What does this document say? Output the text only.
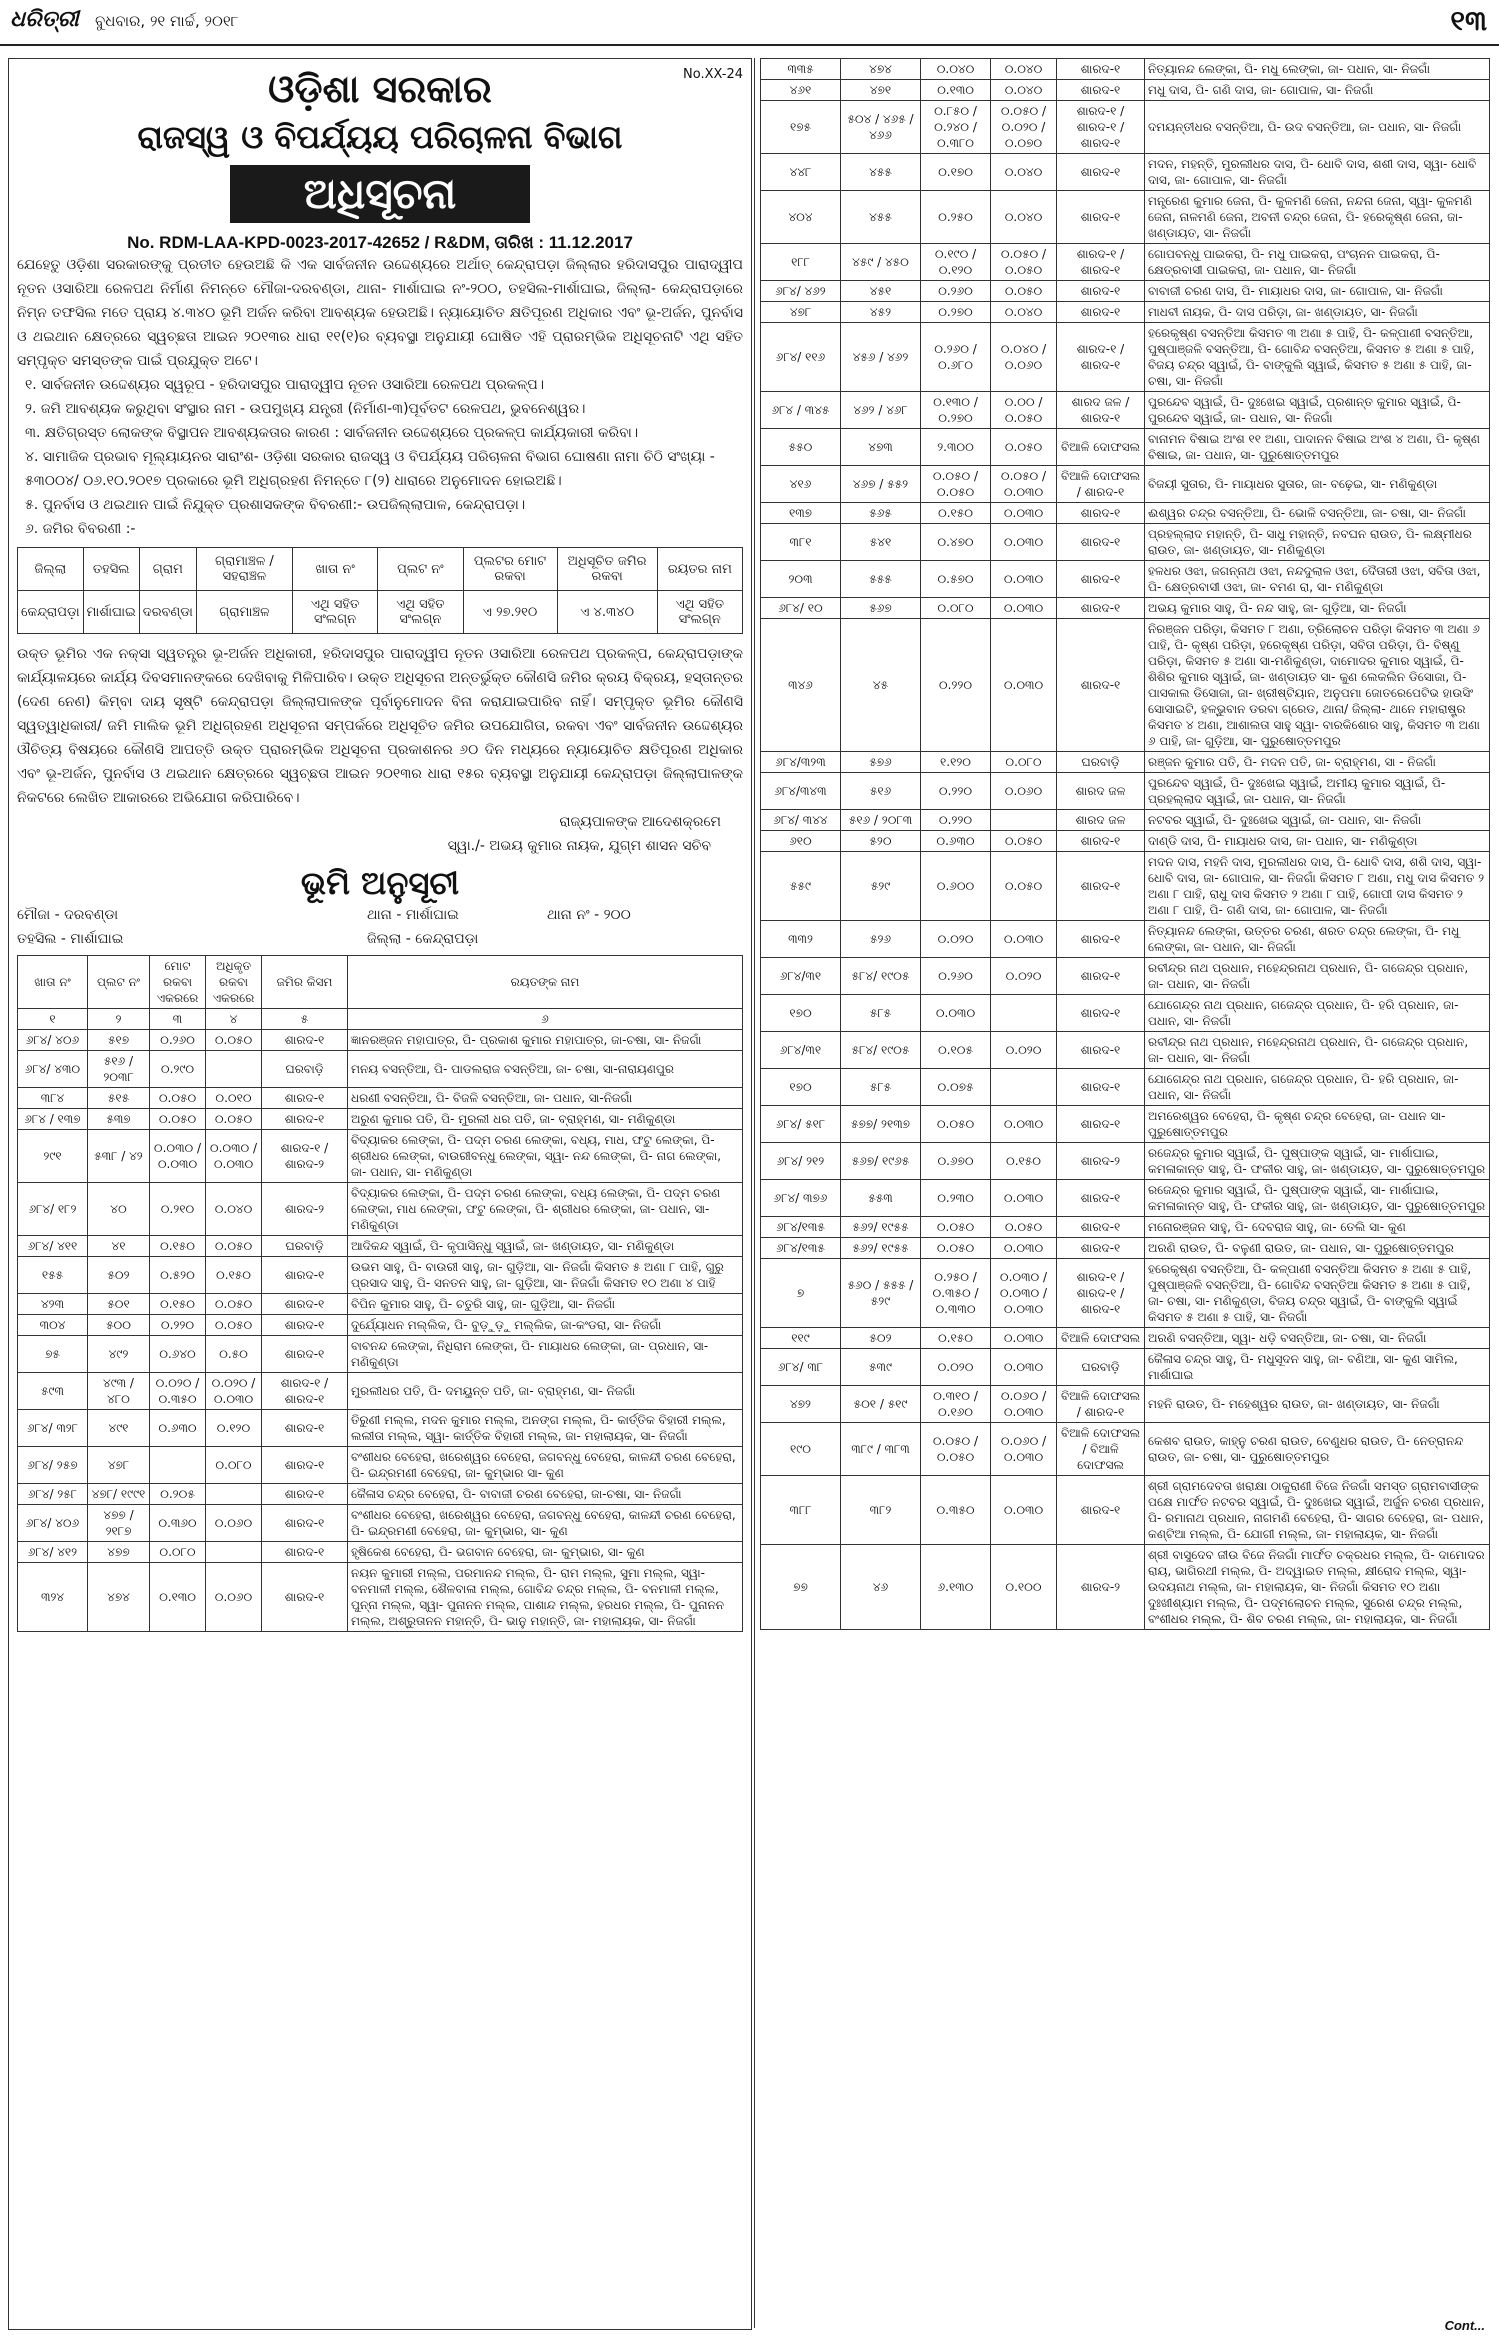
ଧରିତ୍ରୀ ବୁଧବାର, ୨୧ ମାର୍ଚ୍ଚ, ୨୦୧୮	୧୩
No.XX-24
ଓଡ଼ିଶା ସରକାର
ରାଜସ୍ୱ ଓ ବିପର୍ଯ୍ୟୟ ପରିଚାଳନା ବିଭାଗ
ଅଧିସୂଚନା
No. RDM-LAA-KPD-0023-2017-42652 / R&DM, ତାରିଖ : 11.12.2017
ଯେହେତୁ ଓଡ଼ିଶା ସରକାରଙ୍କୁ ପ୍ରତୀତ ହେଉଅଛି କି ଏକ ସାର୍ବଜନୀନ ଉଦ୍ଦେଶ୍ୟରେ ଅର୍ଥାତ୍ କେନ୍ଦ୍ରାପଡ଼ା ଜିଲ୍ଲାର ହରିଦାସପୁର ପାରାଦ୍ୱୀପ ନୂତନ ଓସାରିଆ ରେଳପଥ ନିର୍ମାଣ ନିମନ୍ତେ ମୌଜା-ଦରବଣ୍ଡା, ଥାନା- ମାର୍ଶାଘାଇ ନଂ-୨୦୦, ତହସିଲ-ମାର୍ଶାଘାଇ, ଜିଲ୍ଲା- କେନ୍ଦ୍ରାପଡ଼ାରେ ନିମ୍ନ ତଫସିଲ ମତେ ପ୍ରାୟ ୪.୩୪୦ ଭୂମି ଅର୍ଜନ କରିବା ଆବଶ୍ୟକ ହେଉଅଛି। ନ୍ୟାୟୋଚିତ କ୍ଷତିପୂରଣ ଅଧିକାର ଏବଂ ଭୂ-ଅର୍ଜନ, ପୁନର୍ବାସ ଓ ଥଇଥାନ କ୍ଷେତ୍ରରେ ସ୍ୱଚ୍ଛତା ଆଇନ ୨୦୧୩ର ଧାରା ୧୧(୧)ର ବ୍ୟବସ୍ଥା ଅନୁଯାୟୀ ଘୋଷିତ ଏହି ପ୍ରାରମ୍ଭିକ ଅଧିସୂଚନାଟି ଏଥି ସହିତ ସମ୍ପୃକ୍ତ ସମସ୍ତଙ୍କ ପାଇଁ ପ୍ରଯୁକ୍ତ ଅଟେ।
୧. ସାର୍ବଜନୀନ ଉଦ୍ଦେଶ୍ୟର ସ୍ୱରୂପ - ହରିଦାସପୁର ପାରାଦ୍ୱୀପ ନୂତନ ଓସାରିଆ ରେଳପଥ ପ୍ରକଳ୍ପ।
୨. ଜମି ଆବଶ୍ୟକ କରୁଥିବା ସଂସ୍ଥାର ନାମ - ଉପମୁଖ୍ୟ ଯନ୍ତ୍ରୀ (ନିର୍ମାଣ-୩)ପୂର୍ବତଟ ରେଳପଥ, ଭୁବନେଶ୍ୱର।
୩. କ୍ଷତିଗ୍ରସ୍ତ ଲୋକଙ୍କ ବିସ୍ଥାପନ ଆବଶ୍ୟକତାର କାରଣ : ସାର୍ବଜନୀନ ଉଦ୍ଦେଶ୍ୟରେ ପ୍ରକଳ୍ପ କାର୍ଯ୍ୟକାରୀ କରିବା।
୪. ସାମାଜିକ ପ୍ରଭାବ ମୂଲ୍ୟାୟନର ସାରାଂଶ- ଓଡ଼ିଶା ସରକାର ରାଜସ୍ୱ ଓ ବିପର୍ଯ୍ୟୟ ପରିଚାଳନା ବିଭାଗ ଘୋଷଣା ନାମା ଚିଠି ସଂଖ୍ୟା - ୫୩୦୦୪/ ୦୬.୧୦.୨୦୧୭ ପ୍ରକାରେ ଭୂମି ଅଧିଗ୍ରହଣ ନିମନ୍ତେ ୮(୨) ଧାରାରେ ଅନୁମୋଦନ ହୋଇଅଛି।
୫. ପୁନର୍ବାସ ଓ ଥଇଥାନ ପାଇଁ ନିଯୁକ୍ତ ପ୍ରଶାସକଙ୍କ ବିବରଣୀ:- ଉପଜିଲ୍ଲାପାଳ, କେନ୍ଦ୍ରାପଡ଼ା।
୬. ଜମିର ବିବରଣୀ :-
ଜିଲ୍ଲା	ତହସିଲ	ଗ୍ରାମ	ଗ୍ରାମାଞ୍ଚଳ / ସହରାଞ୍ଚଳ	ଖାତା ନଂ	ପ୍ଲଟ ନଂ	ପ୍ଲଟର ମୋଟ ରକବା	ଅଧିସୂଚିତ ଜମିର ରକବା	ରୟତର ନାମ
କେନ୍ଦ୍ରାପଡ଼ା	ମାର୍ଶାଘାଇ	ଦରବଣ୍ଡା	ଗ୍ରାମାଞ୍ଚଳ	ଏଥି ସହିତ ସଂଲଗ୍ନ	ଏଥି ସହିତ ସଂଲଗ୍ନ	ଏ ୨୭.୨୧୦	ଏ ୪.୩୪୦	ଏଥି ସହିତ ସଂଲଗ୍ନ
ଉକ୍ତ ଭୂମିର ଏକ ନକ୍ସା ସ୍ୱତନ୍ତ୍ର ଭୂ-ଅର୍ଜନ ଅଧିକାରୀ, ହରିଦାସପୁର ପାରାଦ୍ୱୀପ ନୂତନ ଓସାରିଆ ରେଳପଥ ପ୍ରକଳ୍ପ, କେନ୍ଦ୍ରାପଡ଼ାଙ୍କ କାର୍ଯ୍ୟାଳୟରେ କାର୍ଯ୍ୟ ଦିବସମାନଙ୍କରେ ଦେଖିବାକୁ ମିଳିପାରିବ। ଉକ୍ତ ଅଧିସୂଚନା ଅନ୍ତର୍ଭୁକ୍ତ କୌଣସି ଜମିର କ୍ରୟ ବିକ୍ରୟ, ହସ୍ତାନ୍ତର (ଦେଣ ନେଣ) କିମ୍ବା ଦାୟ ସୃଷ୍ଟି କେନ୍ଦ୍ରାପଡ଼ା ଜିଲ୍ଲାପାଳଙ୍କ ପୂର୍ବାନୁମୋଦନ ବିନା କରାଯାଇପାରିବ ନାହିଁ। ସମ୍ପୃକ୍ତ ଭୂମିର କୌଣସି ସ୍ୱତ୍ୱାଧିକାରୀ/ ଜମି ମାଲିକ ଭୂମି ଅଧିଗ୍ରହଣ ଅଧିସୂଚନା ସମ୍ପର୍କରେ ଅଧିସୂଚିତ ଜମିର ଉପଯୋଗିତା, ରକବା ଏବଂ ସାର୍ବଜନୀନ ଉଦ୍ଦେଶ୍ୟର ଔଚିତ୍ୟ ବିଷୟରେ କୌଣସି ଆପତ୍ତି ଉକ୍ତ ପ୍ରାରମ୍ଭିକ ଅଧିସୂଚନା ପ୍ରକାଶନର ୬୦ ଦିନ ମଧ୍ୟରେ ନ୍ୟାୟୋଚିତ କ୍ଷତିପୂରଣ ଅଧିକାର ଏବଂ ଭୂ-ଅର୍ଜନ, ପୁନର୍ବାସ ଓ ଥଇଥାନ କ୍ଷେତ୍ରରେ ସ୍ୱଚ୍ଛତା ଆଇନ ୨୦୧୩ର ଧାରା ୧୫ର ବ୍ୟବସ୍ଥା ଅନୁଯାୟୀ କେନ୍ଦ୍ରାପଡ଼ା ଜିଲ୍ଲାପାଳଙ୍କ ନିକଟରେ ଲେଖିତ ଆକାରରେ ଅଭିଯୋଗ କରିପାରିବେ।
ରାଜ୍ୟପାଳଙ୍କ ଆଦେଶକ୍ରମେ
ସ୍ୱା./- ଅଭୟ କୁମାର ନାୟକ, ଯୁଗ୍ମ ଶାସନ ସଚିବ
ଭୂମି ଅନୁସୂଚୀ
ମୌଜା - ଦରବଣ୍ଡା	ଥାନା - ମାର୍ଶାଘାଇ	ଥାନା ନଂ - ୨୦୦
ତହସିଲ - ମାର୍ଶାଘାଇ	ଜିଲ୍ଲା - କେନ୍ଦ୍ରାପଡ଼ା
ଖାତା ନଂ	ପ୍ଲଟ ନଂ	ମୋଟ ରକବା ଏକରରେ	ଅଧିକୃତ ରକବା ଏକରରେ	ଜମିର କିସମ	ରୟତଙ୍କ ନାମ
୧	୨	୩	୪	୫	୬
୬୮୪/ ୪୦୬	୫୧୭	୦.୨୬୦	୦.୦୫୦	ଶାରଦ-୧	ଜ୍ଞାନରଞ୍ଜନ ମହାପାତ୍ର, ପି- ପ୍ରକାଶ କୁମାର ମହାପାତ୍ର, ଜା-ଚଷା, ସା- ନିଜଗାଁ
୬୮୪/ ୪୩୦	୫୧୬ / ୨୦୩୮	୦.୨୯୦		ଘରବାଡ଼ି	ମନୟ ବସନ୍ତିଆ, ପି- ପାଡଲରାଜ ବସନ୍ତିଆ, ଜା- ଚଷା, ସା-ନାରାୟଣପୁର
୩୮୪	୫୧୫	୦.୦୫୦	୦.୦୧୦	ଶାରଦ-୧	ଧରଣୀ ବସନ୍ତିଆ, ପି- ବିଜଳି ବସନ୍ତିଆ, ଜା- ପଧାନ, ସା-ନିଜଗାଁ
୬୮୪ / ୧୩୭	୫୩୭	୦.୦୫୦	୦.୦୫୦	ଶାରଦ-୧	ଅରୁଣ କୁମାର ପତି, ପି- ମୁରଲୀ ଧର ପତି, ଜା- ବ୍ରାହ୍ମଣ, ସା- ମଣିକୁଣ୍ଡା
୨୯୧	୫୩୮ / ୪୨	୦.୦୩୦ / ୦.୦୩୦	୦.୦୩୦ / ୦.୦୩୦	ଶାରଦ-୧ / ଶାରଦ-୨	ବିଦ୍ୟାକର ଲେଙ୍କା, ପି- ପଦ୍ମ ଚରଣ ଲେଙ୍କା, ବଧ୍ୟ, ମାଧ, ଫଟୁ ଲେଙ୍କା, ପି- ଶ୍ରୀଧର ଲେଙ୍କା, ବାଉରୀବନ୍ଧୁ ଲେଙ୍କା, ସ୍ୱା- ନନ୍ଦ ଲେଙ୍କା, ପି- ନାଗ ଲେଙ୍କା, ଜା- ପଧାନ, ସା- ମଣିକୁଣ୍ଡା
୬୮୪/ ୧୮୨	୪୦	୦.୨୧୦	୦.୦୪୦	ଶାରଦ-୨	ବିଦ୍ୟାକର ଲେଙ୍କା, ପି- ପଦ୍ମ ଚରଣ ଲେଙ୍କା, ବଧ୍ୟ ଲେଙ୍କା, ପି- ପଦ୍ମ ଚରଣ ଲେଙ୍କା, ମାଧ ଲେଙ୍କା, ଫଟୁ ଲେଙ୍କା, ପି- ଶ୍ରୀଧର ଲେଙ୍କା, ଜା- ପଧାନ, ସା- ମଣିକୁଣ୍ଡା
୬୮୪/ ୪୧୧	୪୧	୦.୧୫୦	୦.୦୫୦	ଘରବାଡ଼ି	ଆଦିକନ୍ଦ ସ୍ୱାଇଁ, ପି- କୃପାସିନ୍ଧୁ ସ୍ୱାଇଁ, ଜା- ଖଣ୍ଡାୟତ, ସା- ମଣିକୁଣ୍ଡା
୧୫୫	୫୦୨	୦.୫୨୦	୦.୧୫୦	ଶାରଦ-୧	ଉଭମ ସାହୁ, ପି- ବାଉରୀ ସାହୁ, ଜା- ଗୁଡ଼ିଆ, ସା- ନିଜଗାଁ କିସମତ ୫ ଅଣା ୮ ପାହି, ଗୁରୁ ପ୍ରସାଦ ସାହୁ, ପି- ସନତନ ସାହୁ, ଜା- ଗୁଡ଼ିଆ, ସା- ନିଜଗାଁ କିସମତ ୧୦ ଅଣା ୪ ପାହି
୪୨୩	୫୦୧	୦.୧୫୦	୦.୦୫୦	ଶାରଦ-୧	ବିପିନ କୁମାର ସାହୁ, ପି- ଚତୁରି ସାହୁ, ଜା- ଗୁଡ଼ିଆ, ସା- ନିଜଗାଁ
୩୦୪	୫୦୦	୦.୨୨୦	୦.୦୫୦	ଶାରଦ-୧	ଦୁର୍ଯ୍ୟୋଧନ ମଲ୍ଲିକ, ପି- ବୁଡ଼ୁଡ଼ୁ ମଲ୍ଲିକ, ଜା-କଂଡରା, ସା- ନିଜଗାଁ
୭୫	୪୯୨	୦.୬୪୦	୦.୫୦	ଶାରଦ-୧	ବାବନନ୍ଦ ଲେଙ୍କା, ନିଧିରାମ ଲେଙ୍କା, ପି- ମାୟାଧର ଲେଙ୍କା, ଜା- ପ୍ରଧାନ, ସା-ମଣିକୁଣ୍ଡା
୫୯୩	୪୯୩ / ୪୮୦	୦.୦୨୦ / ୦.୩୫୦	୦.୦୨୦ / ୦.୦୩୦	ଶାରଦ-୧ / ଶାରଦ-୧	ମୁରଲୀଧର ପତି, ପି- ଦମୟୁନ୍ତ ପତି, ଜା- ବ୍ରାହ୍ମଣ, ସା- ନିଜଗାଁ
୬୮୪/ ୩୨୮	୪୯୧	୦.୬୩୦	୦.୧୨୦	ଶାରଦ-୧	ତିରୁଣୀ ମଲ୍ଲ, ମଦନ କୁମାର ମଲ୍ଲ, ଅନଙ୍ଗ ମଲ୍ଲ, ପି- କାର୍ତ୍ତିକ ବିହାରୀ ମଲ୍ଲ, ଲଲୀତା ମଲ୍ଲ, ସ୍ୱା- କାର୍ତ୍ତିକ ବିହାରୀ ମଲ୍ଲ, ଜା- ମହାଲାୟକ, ସା- ନିଜଗାଁ
୬୮୪/ ୨୫୭	୪୭୮		୦.୦୮୦	ଶାରଦ-୧	ବଂଶୀଧର ବେହେରା, ଖରେଶ୍ୱର ବେହେରା, ଜଗବନ୍ଧୁ ବେହେରା, କାଳନ୍ଦୀ ଚରଣ ବେହେରା, ପି- ଇନ୍ଦ୍ରମଣୀ ବେହେରା, ଜା- କୁମ୍ଭାର ସା- କୁଣ
୬୮୪/ ୨୫୮	୪୭୮/ ୧୯୯୧	୦.୨୦୫		ଶାରଦ-୧	କୈଳାସ ଚନ୍ଦ୍ର ବେହେରା, ପି- ବାବାଜୀ ଚରଣ ବେହେରା, ଜା-ଚଷା, ସା- ନିଜଗାଁ
୬୮୪/ ୪୦୬	୪୭୭ / ୨୧୮୭	୦.୩୬୦	୦.୦୬୦	ଶାରଦ-୧	ବଂଶୀଧର ବେହେରା, ଖରେଶ୍ୱର ବେହେରା, ଜଗବନ୍ଧୁ ବେହେରା, କାଳନ୍ଦୀ ଚରଣ ବେହେରା, ପି- ଇନ୍ଦ୍ରମଣୀ ବେହେରା, ଜା- କୁମ୍ଭାର, ସା- କୁଣ
୬୮୪/ ୪୧୨	୪୭୭	୦.୦୮୦		ଶାରଦ-୧	ହୃଷିକେଶ ବେହେରା, ପି- ଭଗବାନ ବେହେରା, ଜା- କୁମ୍ଭାର, ସା- କୁଣ
୩୨୪	୪୭୪	୦.୧୩୦	୦.୦୬୦	ଶାରଦ-୧	ନୟନ କୁମାରୀ ମଲ୍ଲ, ପରମାନନ୍ଦ ମଲ୍ଲ, ପି- ରାମ ମଲ୍ଲ, ସୁମା ମଲ୍ଲ, ସ୍ୱା- ବନମାଳୀ ମଲ୍ଲ, ଶୈଳବାଳା ମଲ୍ଲ, ଗୋବିନ୍ଦ ଚନ୍ଦ୍ର ମଲ୍ଲ, ପି- ବନମାଳୀ ମଲ୍ଲ, ପୁନ୍ନା ମଲ୍ଲ, ସ୍ୱା- ପୁନାନନ ମଲ୍ଲ, ପାଶାନ୍ଦ ମଲ୍ଲ, ହରଧର ମଲ୍ଲ, ପି- ପୁନାନନ ମଲ୍ଲ, ଅଶ୍ରୁତାନନ ମହାନ୍ତି, ପି- ଭାନୁ ମହାନ୍ତି, ଜା- ମହାଲାୟକ, ସା- ନିଜଗାଁ
୩୩୫	୪୭୪	୦.୦୪୦	୦.୦୪୦	ଶାରଦ-୧	ନିତ୍ୟାନନ୍ଦ ଲେଙ୍କା, ପି- ମଧୁ ଲେଙ୍କା, ଜା- ପଧାନ, ସା- ନିଜଗାଁ
୪୬୧	୪୭୧	୦.୧୩୦	୦.୦୪୦	ଶାରଦ-୧	ମଧୁ ଦାସ, ପି- ଗଣି ଦାସ, ଜା- ଗୋପାଳ, ସା- ନିଜଗାଁ
୧୭୫	୫୦୪ / ୪୬୫ / ୪୬୬	୦.୮୫୦ / ୦.୨୪୦ / ୦.୩୮୦	୦.୦୫୦ / ୦.୦୨୦ / ୦.୦୭୦	ଶାରଦ-୧ / ଶାରଦ-୧ / ଶାରଦ-୧	ଦମୟନ୍ତୀଧର ବସନ୍ତିଆ, ପି- ଉଦ ବସନ୍ତିଆ, ଜା- ପଧାନ, ସା- ନିଜଗାଁ
୪୪୮	୪୫୫	୦.୧୭୦	୦.୦୪୦	ଶାରଦ-୧	ମଦନ, ମହନ୍ତି, ମୁରଲୀଧର ଦାସ, ପି- ଧୋବି ଦାସ, ଶଶୀ ଦାସ, ସ୍ୱା- ଧୋବି ଦାସ, ଜା- ଗୋପାଳ, ସା- ନିଜଗାଁ
୪୦୪	୪୫୫	୦.୨୫୦	୦.୦୪୦	ଶାରଦ-୧	ମନ୍ତ୍ରେଣ କୁମାର ଜେନା, ପି- କୁଳମଣି ଜେନା, ନନ୍ଦନା ଜେନା, ସ୍ୱା- କୁଳମଣି ଜେନା, ନାଳମଣି ଜେନା, ଅବନୀ ଚନ୍ଦ୍ର ଜେନା, ପି- ହରେକୃଷ୍ଣ ଜେନା, ଜା- ଖଣ୍ଡାୟତ, ସା- ନିଜଗାଁ
୧୮୮	୪୫୯ / ୪୫୦	୦.୧୯୦ / ୦.୧୨୦	୦.୦୫୦ / ୦.୦୫୦	ଶାରଦ-୧ / ଶାରଦ-୧	ଗୋପବନ୍ଧୁ ପାଇକରା, ପି- ମଧୁ ପାଇକରା, ପଂଚାନନ ପାଇକରା, ପି- କ୍ଷେତ୍ରବାସୀ ପାଇକରା, ଜା- ପଧାନ, ସା- ନିଜଗାଁ
୬୮୪/ ୪୬୨	୪୫୧	୦.୨୬୦	୦.୦୫୦	ଶାରଦ-୧	ବାବାଜୀ ଚରଣ ଦାସ, ପି- ମାୟାଧର ଦାସ, ଜା- ଗୋପାଳ, ସା- ନିଜଗାଁ
୪୭୮	୪୫୨	୦.୨୭୦	୦.୦୪୦	ଶାରଦ-୧	ମାଧବୀ ନାୟକ, ପି- ଦାସ ପରିଡ଼ା, ଜା- ଖଣ୍ଡାୟତ, ସା- ନିଜଗାଁ
୬୮୪/ ୧୧୬	୪୫୬ / ୪୬୨	୦.୨୬୦ / ୦.୬୮୦	୦.୦୪୦ / ୦.୦୬୦	ଶାରଦ-୧ / ଶାରଦ-୧	ହରେକୃଷ୍ଣ ବସନ୍ତିଆ କିସମତ ୩ ଅଣା ୫ ପାହି, ପି- କଳ୍ପାଣୀ ବସନ୍ତିଆ, ପୁଷ୍ପାଞ୍ଜଳି ବସନ୍ତିଆ, ପି- ଗୋବିନ୍ଦ ବସନ୍ତିଆ, କିସମତ ୫ ଅଣା ୫ ପାହି, ବିଜୟ ଚନ୍ଦ୍ର ସ୍ୱାଇଁ, ପି- ବାଙ୍କୁଲି ସ୍ୱାଇଁ, କିସମତ ୫ ଅଣା ୫ ପାହି, ଜା- ଚଷା, ସା- ନିଜଗାଁ
୬୮୪ / ୩୪୫	୪୬୨ / ୪୬୮	୦.୧୩୦ / ୦.୨୭୦	୦.୦୦ / ୦.୦୫୦	ଶାରଦ ଜଳ / ଶାରଦ-୧	ପୁରନ୍ଦେବ ସ୍ୱାଇଁ, ପି- ଦୁଃଖେଇ ସ୍ୱାଇଁ, ପ୍ରଶାନ୍ତ କୁମାର ସ୍ୱାଇଁ, ପି- ପୁରନ୍ଦେବ ସ୍ୱାଇଁ, ଜା- ପଧାନ, ସା- ନିଜଗାଁ
୫୫୦	୪୭୩	୨.୩୦୦	୦.୦୫୦	ବିଆଳି ଦୋଫସଲ	ବାନାମନ ବିଷାଇ ଅଂଶ ୧୧ ଅଣା, ପାଦାନନ ବିଷାଇ ଅଂଶ ୪ ଅଣା, ପି- କୃଷ୍ଣ ବିଷାଇ, ଜା- ପଧାନ, ସା- ପୁରୁଷୋତ୍ତମପୁର
୪୧୬	୪୬୭ / ୫୫୨	୦.୦୫୦ / ୦.୦୫୦	୦.୦୫୦ / ୦.୦୩୦	ବିଆଳି ଦୋଫସଲ / ଶାରଦ-୧	ବିଜୟୀ ସୁତାର, ପି- ମାୟାଧର ସୁତାର, ଜା- ବଢ଼େଇ, ସା- ମଣିକୁଣ୍ଡା
୧୩୭	୫୬୫	୦.୧୫୦	୦.୦୩୦	ଶାରଦ-୧	ଈଶ୍ୱର ଚନ୍ଦ୍ର ବସନ୍ତିଆ, ପି- ଭୋଳି ବସନ୍ତିଆ, ଜା- ଚଷା, ସା- ନିଜଗାଁ
୩୮୧	୫୪୧	୦.୪୭୦	୦.୦୩୦	ଶାରଦ-୧	ପ୍ରହଲ୍ଲାଦ ମହାନ୍ତି, ପି- ସାଧୁ ମହାନ୍ତି, ନବଘନ ରାଉତ, ପି- ଲକ୍ଷ୍ମୀଧର ରାଉତ, ଜା- ଖଣ୍ଡାୟତ, ସା- ମଣିକୁଣ୍ଡା
୨୦୩	୫୫୫	୦.୫୭୦	୦.୦୩୦	ଶାରଦ-୧	ହଳଧର ଓଝା, ଜଗନ୍ନାଥ ଓଝା, ନନ୍ଦଦୁଲାଳ ଓଝା, ଦୈତାରୀ ଓଝା, ସବିତା ଓଝା, ପି- କ୍ଷେତ୍ରବାସୀ ଓଝା, ଜା- ବମଣ ରା, ସା- ମଣିକୁଣ୍ଡା
୬୮୪/ ୧୦	୫୬୭	୦.୦୮୦	୦.୦୩୦	ଶାରଦ-୧	ଅଭୟ କୁମାର ସାହୁ, ପି- ନନ୍ଦ ସାହୁ, ଜା- ଗୁଡ଼ିଆ, ସା- ନିଜଗାଁ
୩୪୬	୪୫	୦.୨୨୦	୦.୦୩୦	ଶାରଦ-୧	ନିରଞ୍ଜନ ପରିଡ଼ା, କିସମତ ୮ ଅଣା, ତ୍ରିଲୋଚନ ପରିଡ଼ା କିସମତ ୩ ଅଣା ୬ ପାହି, ପି- କୃଷ୍ଣ ପରିଡ଼ା, ହରେକୃଷ୍ଣ ପରିଡ଼ା, ସବିତା ପରିଡ଼ା, ପି- ବିଷ୍ଣୁ ପରିଡ଼ା, କିସମତ ୫ ଅଣା ସା-ମଣିକୁଣ୍ଡା, ଦାମୋଦର କୁମାର ସ୍ୱାଇଁ, ପି- ଶିଶିର କୁମାର ସ୍ୱାଇଁ, ଜା- ଖଣ୍ଡାୟତ ସା- କୁଣ ଲେକଲିନ ଡିସୋଜା, ପି- ପାସକାଲ ଡିସୋଜା, ଜା- ଖ୍ରୀଷ୍ଟିୟାନ, ଅନୁପମା ଜୋତରେପେଟିଭ ହାଉସିଂ ସୋସାଇଟି, ହଳ୍ଭୁବାନ ଡରବା ଗ୍ରେଡ, ଥାନା/ ଜିଲ୍ଲା- ଥାନେ ମହାରାଷ୍ଟ୍ର କିସମତ ୪ ଅଣା, ଆଶାଲତା ସାହୁ ସ୍ୱା- ବାରକିଶୋର ସାହୁ, କିସମତ ୩ ଅଣା ୬ ପାହି, ଜା- ଗୁଡ଼ିଆ, ସା- ପୁରୁଷୋତ୍ତମପୁର
୬୮୪/୩୨୩	୫୭୬	୧.୧୨୦	୦.୦୮୦	ଘରବାଡ଼ି	ରଞ୍ଜନ କୁମାର ପତି, ପି- ମଦନ ପତି, ଜା- ବ୍ରାହ୍ମଣ, ସା - ନିଜଗାଁ
୬୮୪/୩୪୩	୫୧୬	୦.୨୨୦	୦.୦୬୦	ଶାରଦ ଜଳ	ପୁରନ୍ଦେବ ସ୍ୱାଇଁ, ପି- ଦୁଃଖେଇ ସ୍ୱାଇଁ, ଅମୀୟ କୁମାର ସ୍ୱାଇଁ, ପି- ପ୍ରହଲ୍ଲାଦ ସ୍ୱାଇଁ, ଜା- ପଧାନ, ସା- ନିଜଗାଁ
୬୮୪/ ୩୪୪	୫୧୬ / ୨୦୮୩	୦.୨୨୦		ଶାରଦ ଜଳ	ନଟବର ସ୍ୱାଇଁ, ପି- ଦୁଃଖେଇ ସ୍ୱାଇଁ, ଜା- ପଧାନ, ସା- ନିଜଗାଁ
୬୧୦	୫୨୦	୦.୬୩୦	୦.୦୫୦	ଶାରଦ-୧	ଦାଣ୍ଡି ଦାସ, ପି- ମାୟାଧର ଦାସ, ଜା- ପଧାନ, ସା- ମଣିକୁଣ୍ଡା
୫୫୯	୫୨୯	୦.୬୦୦	୦.୦୫୦	ଶାରଦ-୧	ମଦନ ଦାସ, ମହନି ଦାସ, ମୁରଲୀଧର ଦାସ, ପି- ଧୋବି ଦାସ, ଶଶି ଦାସ, ସ୍ୱା- ଧୋବି ଦାସ, ଜା- ଗୋପାଳ, ସା- ନିଜଗାଁ କିସମତ ୮ ଅଣା, ମଧୁ ଦାସ କିସମତ ୨ ଅଣା ୮ ପାହି, ରାଧୁ ଦାସ କିସମତ ୨ ଅଣା ୮ ପାହି, ଗୋପୀ ଦାସ କିସମତ ୨ ଅଣା ୮ ପାହି, ପି- ଗଣି ଦାସ, ଜା- ଗୋପାଳ, ସା- ନିଜଗାଁ
୩୩୨	୫୨୬	୦.୦୨୦	୦.୦୩୦	ଶାରଦ-୧	ନିତ୍ୟାନନ୍ଦ ଲେଙ୍କା, ଉତ୍ତର ଚରଣ, ଶରତ ଚନ୍ଦ୍ର ଲେଙ୍କା, ପି- ମଧୁ ଲେଙ୍କା, ଜା- ପଧାନ, ସା- ନିଜଗାଁ
୬୮୪/୩୧	୫୮୪/ ୧୯୦୫	୦.୨୬୦	୦.୦୨୦	ଶାରଦ-୧	ରବୀନ୍ଦ୍ର ନାଥ ପ୍ରଧାନ, ମହେନ୍ଦ୍ରନାଥ ପ୍ରଧାନ, ପି- ଗଜେନ୍ଦ୍ର ପ୍ରଧାନ, ଜା- ପଧାନ, ସା- ନିଜଗାଁ
୧୭୦	୫୮୫	୦.୦୩୦		ଶାରଦ-୧	ଯୋଗେନ୍ଦ୍ର ନାଥ ପ୍ରଧାନ, ଗଜେନ୍ଦ୍ର ପ୍ରଧାନ, ପି- ହରି ପ୍ରଧାନ, ଜା- ପଧାନ, ସା- ନିଜଗାଁ
୬୮୪/୩୧	୫୮୪/ ୧୯୦୫	୦.୧୦୫	୦.୦୨୦	ଶାରଦ-୧	ରବୀନ୍ଦ୍ର ନାଥ ପ୍ରଧାନ, ମହେନ୍ଦ୍ରନାଥ ପ୍ରଧାନ, ପି- ଗଜେନ୍ଦ୍ର ପ୍ରଧାନ, ଜା- ପଧାନ, ସା- ନିଜଗାଁ
୧୭୦	୫୮୫	୦.୦୭୫		ଶାରଦ-୧	ଯୋଗେନ୍ଦ୍ର ନାଥ ପ୍ରଧାନ, ଗଜେନ୍ଦ୍ର ପ୍ରଧାନ, ପି- ହରି ପ୍ରଧାନ, ଜା- ପଧାନ, ସା- ନିଜଗାଁ
୬୮୪/ ୫୧୮	୫୭୭/ ୨୧୩୭	୦.୦୫୦	୦.୦୩୦	ଶାରଦ-୧	ଅମରେଶ୍ୱର ବେହେରା, ପି- କୃଷ୍ଣ ଚନ୍ଦ୍ର ବେହେରା, ଜା- ପଧାନ ସା- ପୁରୁଷୋତ୍ତମପୁର
୬୮୪/ ୨୧୨	୫୬୭/ ୧୯୬୫	୦.୬୭୦	୦.୧୫୦	ଶାରଦ-୨	ରଜେନ୍ଦ୍ର କୁମାର ସ୍ୱାଇଁ, ପି- ପୁଷ୍ପାଙ୍କ ସ୍ୱାଇଁ, ସା- ମାର୍ଶାଘାଇ, କମଳାକାନ୍ତ ସାହୁ, ପି- ଫକୀର ସାହୁ, ଜା- ଖଣ୍ଡାୟତ, ସା- ପୁରୁଷୋତ୍ତମପୁର
୬୮୪/ ୩୭୬	୫୫୩	୦.୨୩୦	୦.୦୩୦	ଶାରଦ-୧	ରଜେନ୍ଦ୍ର କୁମାର ସ୍ୱାଇଁ, ପି- ପୁଷ୍ପାଙ୍କ ସ୍ୱାଇଁ, ସା- ମାର୍ଶାଘାଇ, କମଳାକାନ୍ତ ସାହୁ, ପି- ଫକୀର ସାହୁ, ଜା- ଖଣ୍ଡାୟତ, ସା- ପୁରୁଷୋତ୍ତମପୁର
୬୮୪/୧୩୫	୫୬୨/ ୧୯୫୫	୦.୦୫୦	୦.୦୫୦	ଶାରଦ-୧	ମନୋରଞ୍ଜନ ସାହୁ, ପି- ଦେବରାଜ ସାହୁ, ଜା- ତେଲି ସା- କୁଣ
୬୮୪/୧୩୫	୫୬୨/ ୧୯୫୫	୦.୦୫୦	୦.୦୩୦	ଶାରଦ-୧	ଅରଣି ରାଉତ, ପି- ବଳୁଣୀ ରାଉତ, ଜା- ପଧାନ, ସା- ପୁରୁଷୋତ୍ତମପୁର
୭	୫୬୦ / ୫୫୫ / ୫୨୯	୦.୨୫୦ / ୦.୩୫୦ / ୦.୩୩୦	୦.୦୩୦ / ୦.୦୩୦ / ୦.୦୩୦	ଶାରଦ-୧ / ଶାରଦ-୧ / ଶାରଦ-୧	ହରେକୃଷ୍ଣ ବସନ୍ତିଆ, ପି- କଳ୍ପାଣୀ ବସନ୍ତିଆ କିସମତ ୫ ଅଣା ୫ ପାହି, ପୁଷ୍ପାଞ୍ଜଳି ବସନ୍ତିଆ, ପି- ଗୋବିନ୍ଦ ବସନ୍ତିଆ କିସମତ ୫ ଅଣା ୫ ପାହି, ଜା- ଚଷା, ସା- ମଣିକୁଣ୍ଡା, ବିଜୟ ଚନ୍ଦ୍ର ସ୍ୱାଇଁ, ପି- ବାଙ୍କୁଲି ସ୍ୱାଇଁ କିସମତ ୫ ଅଣା ୫ ପାହି, ସା- ନିଜଗାଁ
୧୧୯	୫୦୨	୦.୧୫୦	୦.୦୩୦	ବିଆଳି ଦୋଫସଲ	ଅରଣି ବସନ୍ତିଆ, ସ୍ୱା- ଧଡ଼ି ବସନ୍ତିଆ, ଜା- ଚଷା, ସା- ନିଜଗାଁ
୬୮୪/ ୩୮	୫୩୯	୦.୦୨୦	୦.୦୩୦	ଘରବାଡ଼ି	କୈଳାସ ଚନ୍ଦ୍ର ସାହୁ, ପି- ମଧୁସୂଦନ ସାହୁ, ଜା- ବଣିଆ, ସା- କୁଣ ସାମିଲ, ମାର୍ଶାଘାଇ
୪୭୨	୫୦୧ / ୫୧୯	୦.୩୧୦ / ୦.୧୬୦	୦.୦୬୦ / ୦.୦୩୦	ବିଆଳି ଦୋଫସଲ / ଶାରଦ-୧	ମହନି ରାଉତ, ପି- ମହେଶ୍ୱର ରାଉତ, ଜା- ଖଣ୍ଡାୟତ, ସା- ନିଜଗାଁ
୧୯୦	୩୮୯ / ୩୮୩	୦.୦୫୦ / ୦.୦୫୦	୦.୦୬୦ / ୦.୦୩୦	ବିଆଳି ଦୋଫସଲ / ବିଆଳି ଦୋଫସଲ	କେଶବ ରାଉତ, କାହ୍ନୁ ଚରଣ ରାଉତ, ବେଣୁଧର ରାଉତ, ପି- ନେତ୍ରାନନ୍ଦ ରାଉତ, ଜା- ଚଷା, ସା- ପୁରୁଷୋତ୍ତମପୁର
୩୮୮	୩୮୨	୦.୩୫୦	୦.୦୩୦	ଶାରଦ-୧	ଶ୍ରୀ ଗ୍ରାମଦେବତା ଖରାକ୍ଷା ଠାକୁରାଣୀ ବିଜେ ନିଜଗାଁ ସମସ୍ତ ଗ୍ରାମବାସୀଙ୍କ ପକ୍ଷେ ମାର୍ଫତ ନଟବର ସ୍ୱାଇଁ, ପି- ଦୁଃଖେଇ ସ୍ୱାଇଁ, ଅର୍ଜୁନ ଚରଣ ପ୍ରଧାନ, ପି- ରମାନାଥ ପ୍ରଧାନ, ନାଗମଣି ବେହେରା, ପି- ସାଗର ବେହେରା, ଜା- ପଧାନ, କଣ୍ଟିଆ ମଲ୍ଲ, ପି- ଯୋଗୀ ମଲ୍ଲ, ଜା- ମହାଲାୟକ, ସା- ନିଜଗାଁ
୭୭	୪୬	୬.୧୩୦	୦.୧୦୦	ଶାରଦ-୨	ଶ୍ରୀ ବାସୁଦେବ ଜୀଉ ବିଜେ ନିଜଗାଁ ମାର୍ଫତ ଚକ୍ରଧର ମଲ୍ଲ, ପି- ଦାମୋଦର ରାୟ, ଭାଗିରଥୀ ମଲ୍ଲ, ପି- ଅଦ୍ୱାଇତ ମଲ୍ଲ, କ୍ଷୀରୋଦ ମଲ୍ଲ, ସ୍ୱା- ଉଦୟନାଥ ମଲ୍ଲ, ଜା- ମହାଲାୟକ, ସା- ନିଜଗାଁ କିସମତ ୧୦ ଅଣା ଦୁଃଖୀଶ୍ୟାମ ମଲ୍ଲ, ପି- ପଦ୍ମଲୋଚନ ମଲ୍ଲ, ସୁରେଶ ଚନ୍ଦ୍ର ମଲ୍ଲ, ବଂଶୀଧର ମଲ୍ଲ, ପି- ଶିବ ଚରଣ ମଲ୍ଲ, ଜା- ମହାଲାୟକ, ସା- ନିଜଗାଁ
Cont...
